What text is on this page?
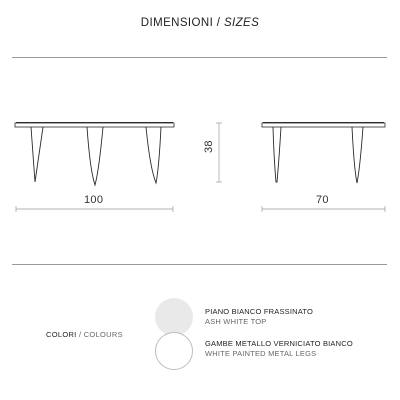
DIMENSIONI / SIZES
100	70
38
COLORI / COLOURS
PIANO BIANCO FRASSINATO
ASH WHITE TOP
GAMBE METALLO VERNICIATO BIANCO
WHITE PAINTED METAL LEGS
